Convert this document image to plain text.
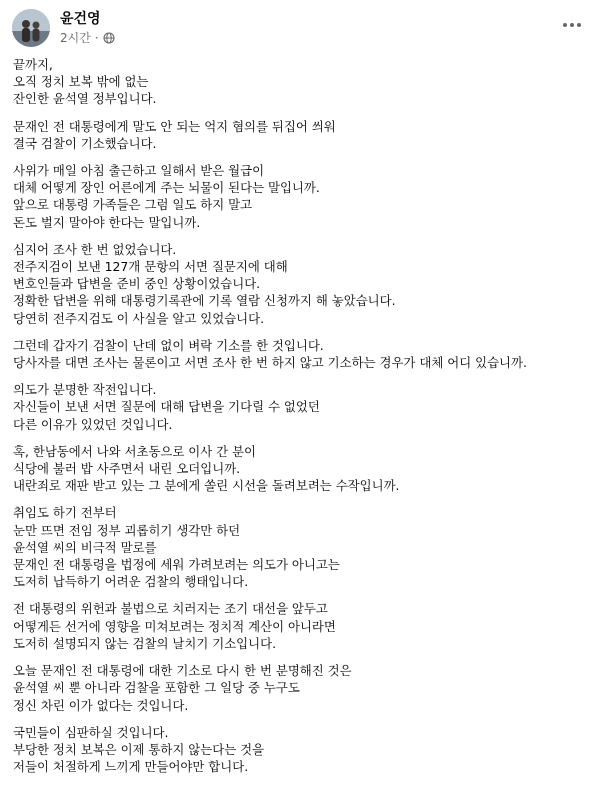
윤건영
2시간 ·
끝까지,
오직 정치 보복 밖에 없는
잔인한 윤석열 정부입니다.
문재인 전 대통령에게 말도 안 되는 억지 혐의를 뒤집어 씌워
결국 검찰이 기소했습니다.
사위가 매일 아침 출근하고 일해서 받은 월급이
대체 어떻게 장인 어른에게 주는 뇌물이 된다는 말입니까.
앞으로 대통령 가족들은 그럼 일도 하지 말고
돈도 벌지 말아야 한다는 말입니까.
심지어 조사 한 번 없었습니다.
전주지검이 보낸 127개 문항의 서면 질문지에 대해
변호인들과 답변을 준비 중인 상황이었습니다.
정확한 답변을 위해 대통령기록관에 기록 열람 신청까지 해 놓았습니다.
당연히 전주지검도 이 사실을 알고 있었습니다.
그런데 갑자기 검찰이 난데 없이 벼락 기소를 한 것입니다.
당사자를 대면 조사는 물론이고 서면 조사 한 번 하지 않고 기소하는 경우가 대체 어디 있습니까.
의도가 분명한 작전입니다.
자신들이 보낸 서면 질문에 대해 답변을 기다릴 수 없었던
다른 이유가 있었던 것입니다.
혹, 한남동에서 나와 서초동으로 이사 간 분이
식당에 불러 밥 사주면서 내린 오더입니까.
내란죄로 재판 받고 있는 그 분에게 쏠린 시선을 돌려보려는 수작입니까.
취임도 하기 전부터
눈만 뜨면 전임 정부 괴롭히기 생각만 하던
윤석열 씨의 비극적 말로를
문재인 전 대통령을 법정에 세워 가려보려는 의도가 아니고는
도저히 납득하기 어려운 검찰의 행태입니다.
전 대통령의 위헌과 불법으로 치러지는 조기 대선을 앞두고
어떻게든 선거에 영향을 미쳐보려는 정치적 계산이 아니라면
도저히 설명되지 않는 검찰의 날치기 기소입니다.
오늘 문재인 전 대통령에 대한 기소로 다시 한 번 분명해진 것은
윤석열 씨 뿐 아니라 검찰을 포함한 그 일당 중 누구도
정신 차린 이가 없다는 것입니다.
국민들이 심판하실 것입니다.
부당한 정치 보복은 이제 통하지 않는다는 것을
저들이 처절하게 느끼게 만들어야만 합니다.
